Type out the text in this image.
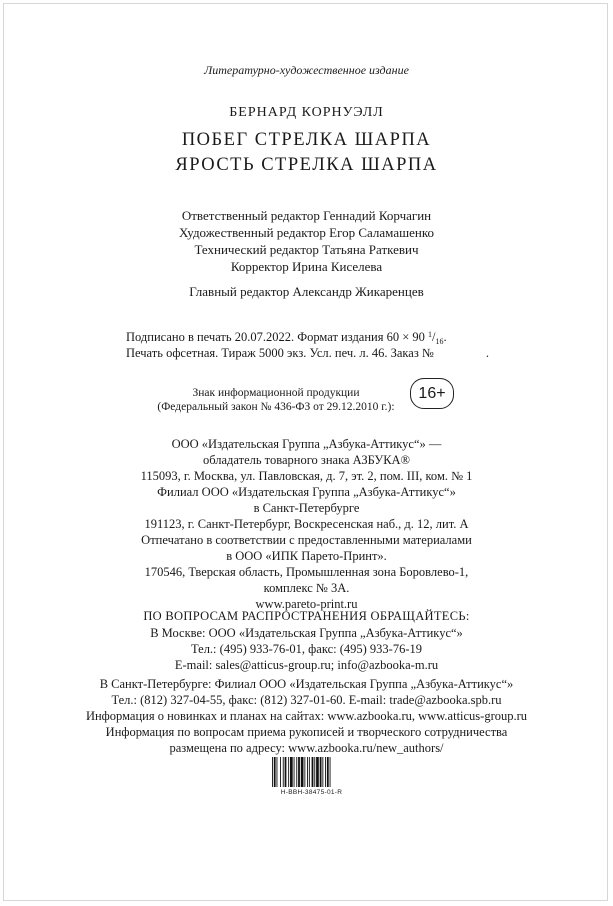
Литературно-художественное издание
БЕРНАРД КОРНУЭЛЛ
ПОБЕГ СТРЕЛКА ШАРПА
ЯРОСТЬ СТРЕЛКА ШАРПА
Ответственный редактор Геннадий Корчагин
Художественный редактор Егор Саламашенко
Технический редактор Татьяна Раткевич
Корректор Ирина Киселева
Главный редактор Александр Жикаренцев
Подписано в печать 20.07.2022. Формат издания 60 × 90 $^1/_{16}$.
Печать офсетная. Тираж 5000 экз. Усл. печ. л. 46. Заказ №	.
Знак информационной продукции
(Федеральный закон № 436-ФЗ от 29.12.2010 г.):
16+
ООО «Издательская Группа „Азбука-Аттикус“» —
обладатель товарного знака АЗБУКА®
115093, г. Москва, ул. Павловская, д. 7, эт. 2, пом. III, ком. № 1
Филиал ООО «Издательская Группа „Азбука-Аттикус“»
в Санкт-Петербурге
191123, г. Санкт-Петербург, Воскресенская наб., д. 12, лит. А
Отпечатано в соответствии с предоставленными материалами
в ООО «ИПК Парето-Принт».
170546, Тверская область, Промышленная зона Боровлево-1,
комплекс № 3А.
www.pareto-print.ru
ПО ВОПРОСАМ РАСПРОСТРАНЕНИЯ ОБРАЩАЙТЕСЬ:
В Москве: ООО «Издательская Группа „Азбука-Аттикус“»
Тел.: (495) 933-76-01, факс: (495) 933-76-19
E-mail: sales@atticus-group.ru; info@azbooka-m.ru
В Санкт-Петербурге: Филиал ООО «Издательская Группа „Азбука-Аттикус“»
Тел.: (812) 327-04-55, факс: (812) 327-01-60. E-mail: trade@azbooka.spb.ru
Информация о новинках и планах на сайтах: www.azbooka.ru, www.atticus-group.ru
Информация по вопросам приема рукописей и творческого сотрудничества
размещена по адресу: www.azbooka.ru/new_authors/
Н-ВВН-38475-01-R
